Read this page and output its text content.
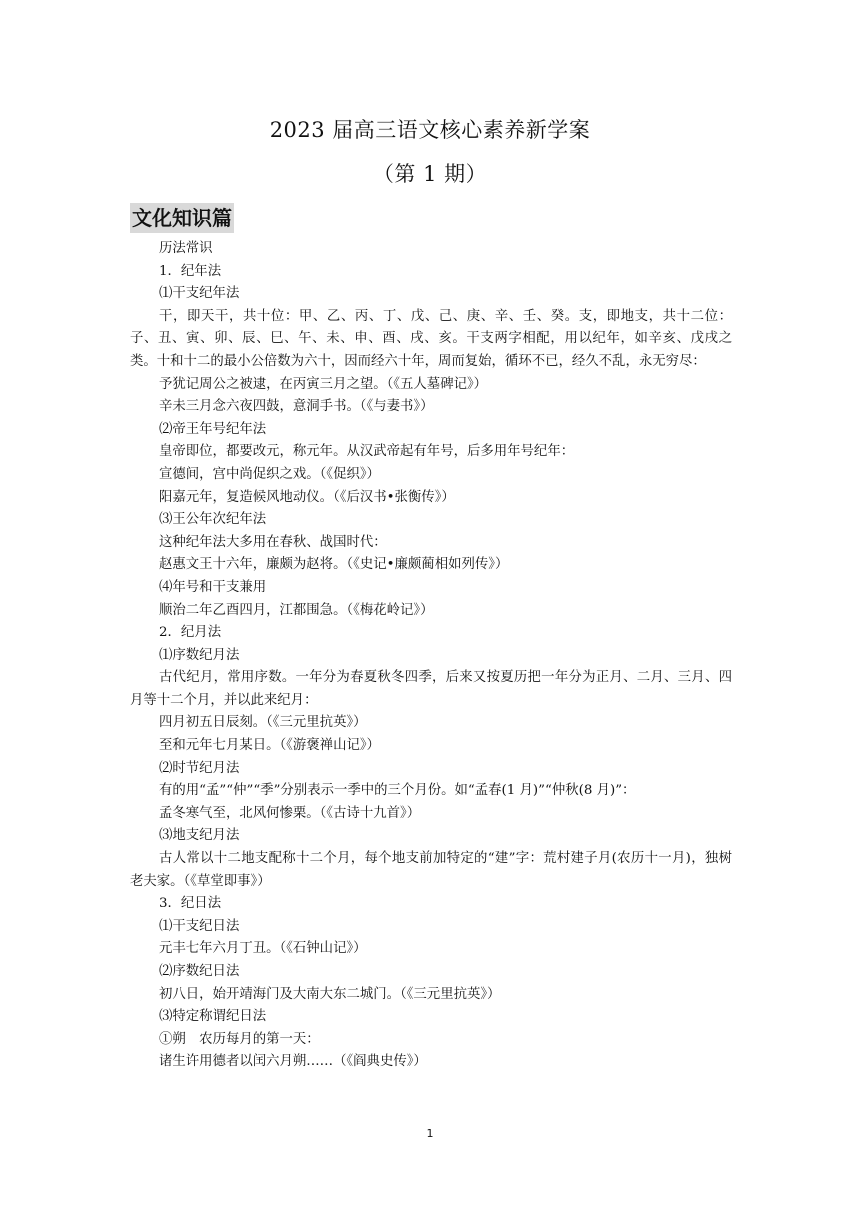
2023 届高三语文核心素养新学案
（第 1 期）
文化知识篇
历法常识
1．纪年法
⑴干支纪年法
干，即天干，共十位：甲、乙、丙、丁、戊、己、庚、辛、壬、癸。支，即地支，共十二位：子、丑、寅、卯、辰、巳、午、未、申、酉、戌、亥。干支两字相配，用以纪年，如辛亥、戊戌之类。十和十二的最小公倍数为六十，因而经六十年，周而复始，循环不已，经久不乱，永无穷尽：
予犹记周公之被逮，在丙寅三月之望。（《五人墓碑记》）
辛未三月念六夜四鼓，意洞手书。（《与妻书》）
⑵帝王年号纪年法
皇帝即位，都要改元，称元年。从汉武帝起有年号，后多用年号纪年：
宣德间，宫中尚促织之戏。（《促织》）
阳嘉元年，复造候风地动仪。（《后汉书•张衡传》）
⑶王公年次纪年法
这种纪年法大多用在春秋、战国时代：
赵惠文王十六年，廉颇为赵将。（《史记•廉颇蔺相如列传》）
⑷年号和干支兼用
顺治二年乙酉四月，江都围急。（《梅花岭记》）
2．纪月法
⑴序数纪月法
古代纪月，常用序数。一年分为春夏秋冬四季，后来又按夏历把一年分为正月、二月、三月、四月等十二个月，并以此来纪月：
四月初五日辰刻。（《三元里抗英》）
至和元年七月某日。（《游褒禅山记》）
⑵时节纪月法
有的用“孟”“仲”“季”分别表示一季中的三个月份。如“孟春(1 月)”“仲秋(8 月)”：
孟冬寒气至，北风何惨栗。（《古诗十九首》）
⑶地支纪月法
古人常以十二地支配称十二个月，每个地支前加特定的“建”字：荒村建子月(农历十一月)，独树老夫家。（《草堂即事》）
3．纪日法
⑴干支纪日法
元丰七年六月丁丑。（《石钟山记》）
⑵序数纪日法
初八日，始开靖海门及大南大东二城门。（《三元里抗英》）
⑶特定称谓纪日法
①朔　农历每月的第一天：
诸生许用德者以闰六月朔……（《阎典史传》）
1
